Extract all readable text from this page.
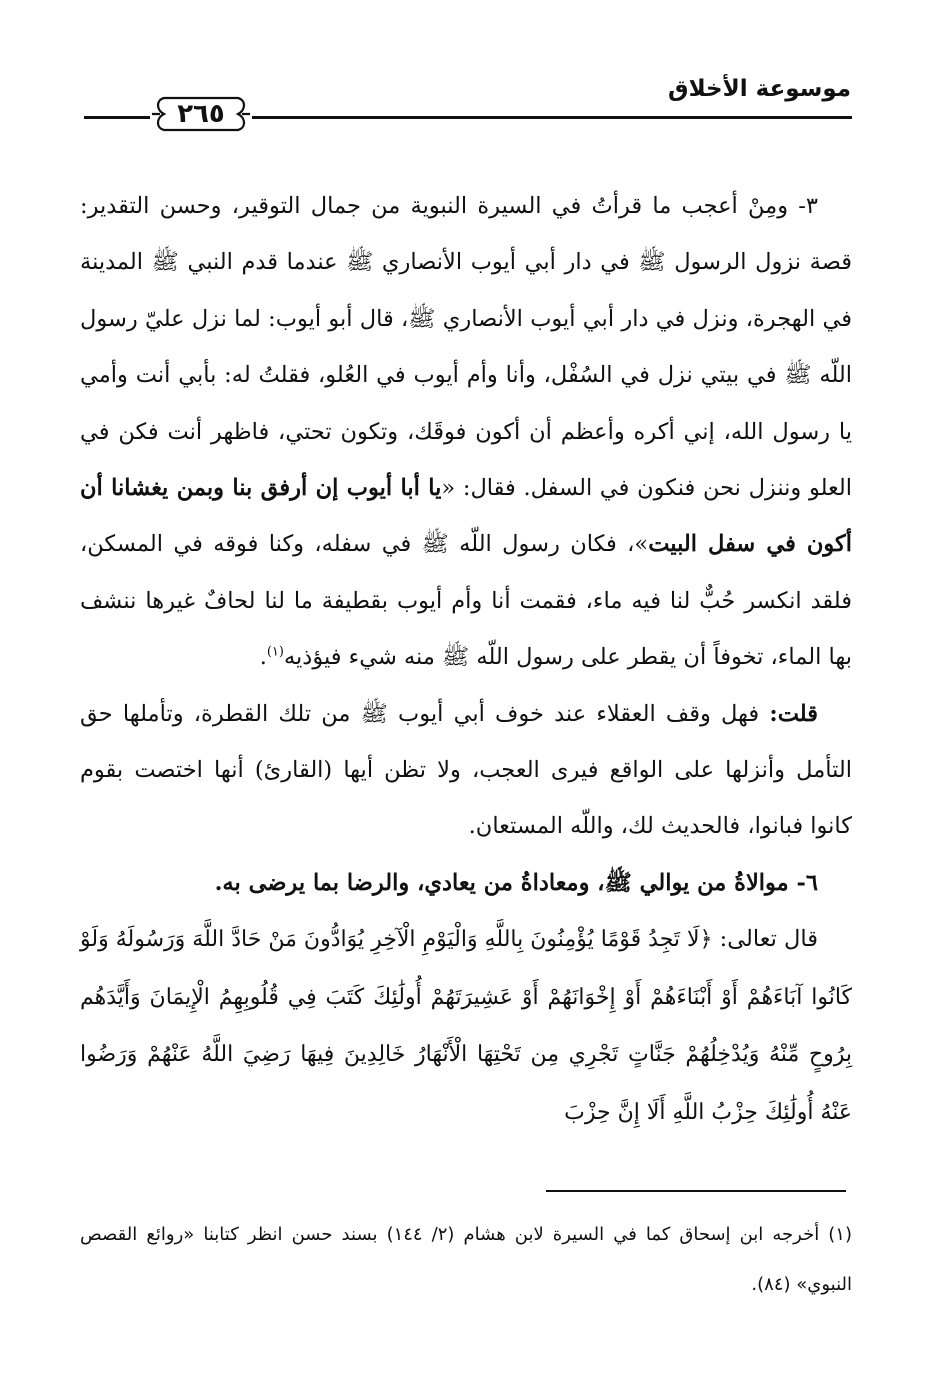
موسوعة الأخلاق
٢٦٥

٣- ومِنْ أعجب ما قرأتُ في السيرة النبوية من جمال التوقير، وحسن التقدير: قصة نزول الرسول ﷺ في دار أبي أيوب الأنصاري ﷺ عندما قدم النبي ﷺ المدينة في الهجرة، ونزل في دار أبي أيوب الأنصاري ﷺ، قال أبو أيوب: لما نزل عليّ رسول اللّه ﷺ في بيتي نزل في السُفْل، وأنا وأم أيوب في العُلو، فقلتُ له: بأبي أنت وأمي يا رسول الله، إني أكره وأعظم أن أكون فوقَك، وتكون تحتي، فاظهر أنت فكن في العلو وننزل نحن فنكون في السفل. فقال: «يا أبا أيوب إن أرفق بنا وبمن يغشانا أن أكون في سفل البيت»، فكان رسول اللّه ﷺ في سفله، وكنا فوقه في المسكن، فلقد انكسر حُبٌّ لنا فيه ماء، فقمت أنا وأم أيوب بقطيفة ما لنا لحافٌ غيرها ننشف بها الماء، تخوفاً أن يقطر على رسول اللّه ﷺ منه شيء فيؤذيه$^{(١)}$.

قلت: فهل وقف العقلاء عند خوف أبي أيوب ﷺ من تلك القطرة، وتأملها حق التأمل وأنزلها على الواقع فيرى العجب، ولا تظن أيها (القارئ) أنها اختصت بقوم كانوا فبانوا، فالحديث لك، واللّه المستعان.

٦- موالاةُ من يوالي ﷺ، ومعاداةُ من يعادي، والرضا بما يرضى به.

قال تعالى: ﴿لَا تَجِدُ قَوْمًا يُؤْمِنُونَ بِاللَّهِ وَالْيَوْمِ الْآخِرِ يُوَادُّونَ مَنْ حَادَّ اللَّهَ وَرَسُولَهُ وَلَوْ كَانُوا آبَاءَهُمْ أَوْ أَبْنَاءَهُمْ أَوْ إِخْوَانَهُمْ أَوْ عَشِيرَتَهُمْ أُولَٰئِكَ كَتَبَ فِي قُلُوبِهِمُ الْإِيمَانَ وَأَيَّدَهُم بِرُوحٍ مِّنْهُ وَيُدْخِلُهُمْ جَنَّاتٍ تَجْرِي مِن تَحْتِهَا الْأَنْهَارُ خَالِدِينَ فِيهَا رَضِيَ اللَّهُ عَنْهُمْ وَرَضُوا عَنْهُ أُولَٰئِكَ حِزْبُ اللَّهِ أَلَا إِنَّ حِزْبَ

(١) أخرجه ابن إسحاق كما في السيرة لابن هشام (٢/ ١٤٤) بسند حسن انظر كتابنا «روائع القصص النبوي» (٨٤).
